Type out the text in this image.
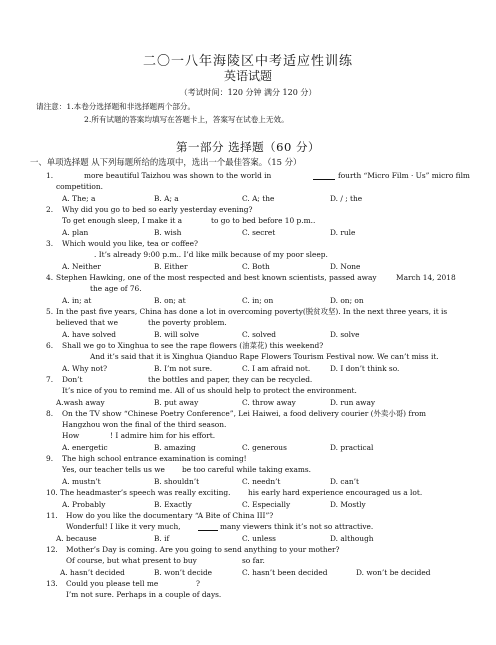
二〇一八年海陵区中考适应性训练
英语试题
（考试时间：120 分钟 满分 120 分）
请注意：1.本卷分选择题和非选择题两个部分。
2.所有试题的答案均填写在答题卡上，答案写在试卷上无效。
第一部分 选择题（60 分）
一、单项选择题 从下列每题所给的选项中，选出一个最佳答案。（15 分）
1.	more beautiful Taizhou was shown to the world in	fourth “Micro Film · Us” micro film
competition.
A. The; a	B. A; a	C. A; the	D. / ; the
2. Why did you go to bed so early yesterday evening?
To get enough sleep, I make it a	to go to bed before 10 p.m..
A. plan	B. wish	C. secret	D. rule
3. Which would you like, tea or coffee?
. It’s already 9:00 p.m.. I’d like milk because of my poor sleep.
A. Neither	B. Either	C. Both	D. None
4. Stephen Hawking, one of the most respected and best known scientists, passed away	March 14, 2018
the age of 76.
A. in; at	B. on; at	C. in; on	D. on; on
5. In the past five years, China has done a lot in overcoming poverty(脱贫攻坚). In the next three years, it is
believed that we	the poverty problem.
A. have solved	B. will solve	C. solved	D. solve
6. Shall we go to Xinghua to see the rape flowers (油菜花) this weekend?
And it’s said that it is Xinghua Qianduo Rape Flowers Tourism Festival now. We can’t miss it.
A. Why not?	B. I’m not sure.	C. I am afraid not.	D. I don’t think so.
7. Don’t	the bottles and paper, they can be recycled.
It’s nice of you to remind me. All of us should help to protect the environment.
A.wash away	B. put away	C. throw away	D. run away
8. On the TV show “Chinese Poetry Conference”, Lei Haiwei, a food delivery courier (外卖小哥) from
Hangzhou won the final of the third season.
How	! I admire him for his effort.
A. energetic	B. amazing	C. generous	D. practical
9. The high school entrance examination is coming!
Yes, our teacher tells us we be too careful while taking exams.
A. mustn’t	B. shouldn’t	C. needn’t	D. can’t
10. The headmaster’s speech was really exciting. his early hard experience encouraged us a lot.
A. Probably	B. Exactly	C. Especially	D. Mostly
11. How do you like the documentary “A Bite of China III”?
Wonderful! I like it very much,	many viewers think it’s not so attractive.
A. because	B. if	C. unless	D. although
12. Mother’s Day is coming. Are you going to send anything to your mother?
Of course, but what present to buy	so far.
A. hasn’t decided	B. won’t decide	C. hasn’t been decided	D. won’t be decided
13. Could you please tell me	?
I’m not sure. Perhaps in a couple of days.
